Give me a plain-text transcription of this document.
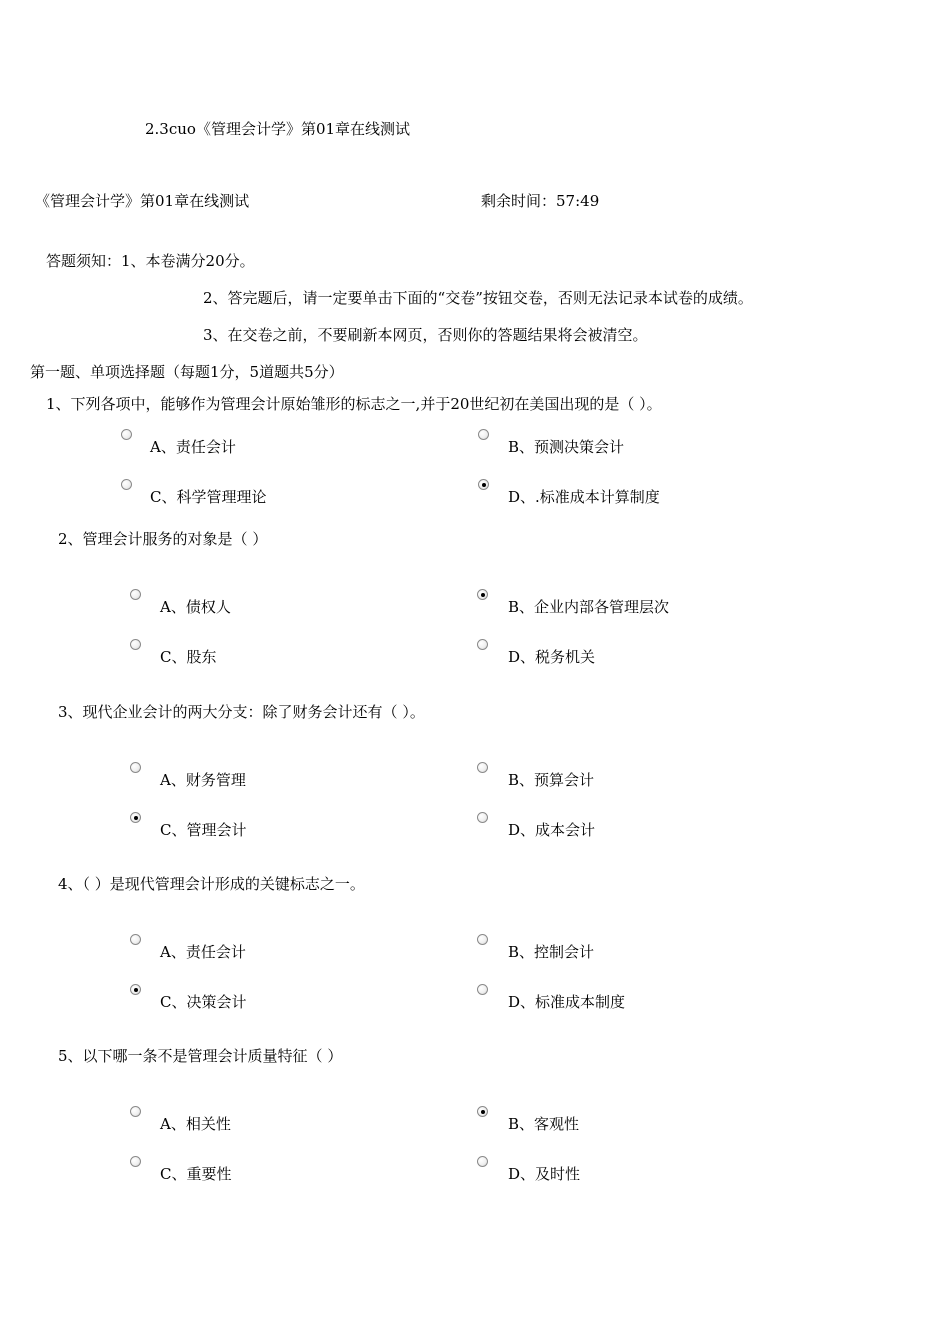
2.3cuo《管理会计学》第01章在线测试
《管理会计学》第01章在线测试	剩余时间：57:49
答题须知：1、本卷满分20分。
2、答完题后，请一定要单击下面的“交卷”按钮交卷，否则无法记录本试卷的成绩。
3、在交卷之前，不要刷新本网页，否则你的答题结果将会被清空。
第一题、单项选择题（每题1分，5道题共5分）
1、下列各项中，能够作为管理会计原始雏形的标志之一,并于20世纪初在美国出现的是（ ）。
A、责任会计	B、预测决策会计
C、科学管理理论	D、.标准成本计算制度
2、管理会计服务的对象是（ ）
A、债权人	B、企业内部各管理层次
C、股东	D、税务机关
3、现代企业会计的两大分支：除了财务会计还有（ ）。
A、财务管理	B、预算会计
C、管理会计	D、成本会计
4、（ ）是现代管理会计形成的关键标志之一。
A、责任会计	B、控制会计
C、决策会计	D、标准成本制度
5、以下哪一条不是管理会计质量特征（ ）
A、相关性	B、客观性
C、重要性	D、及时性
